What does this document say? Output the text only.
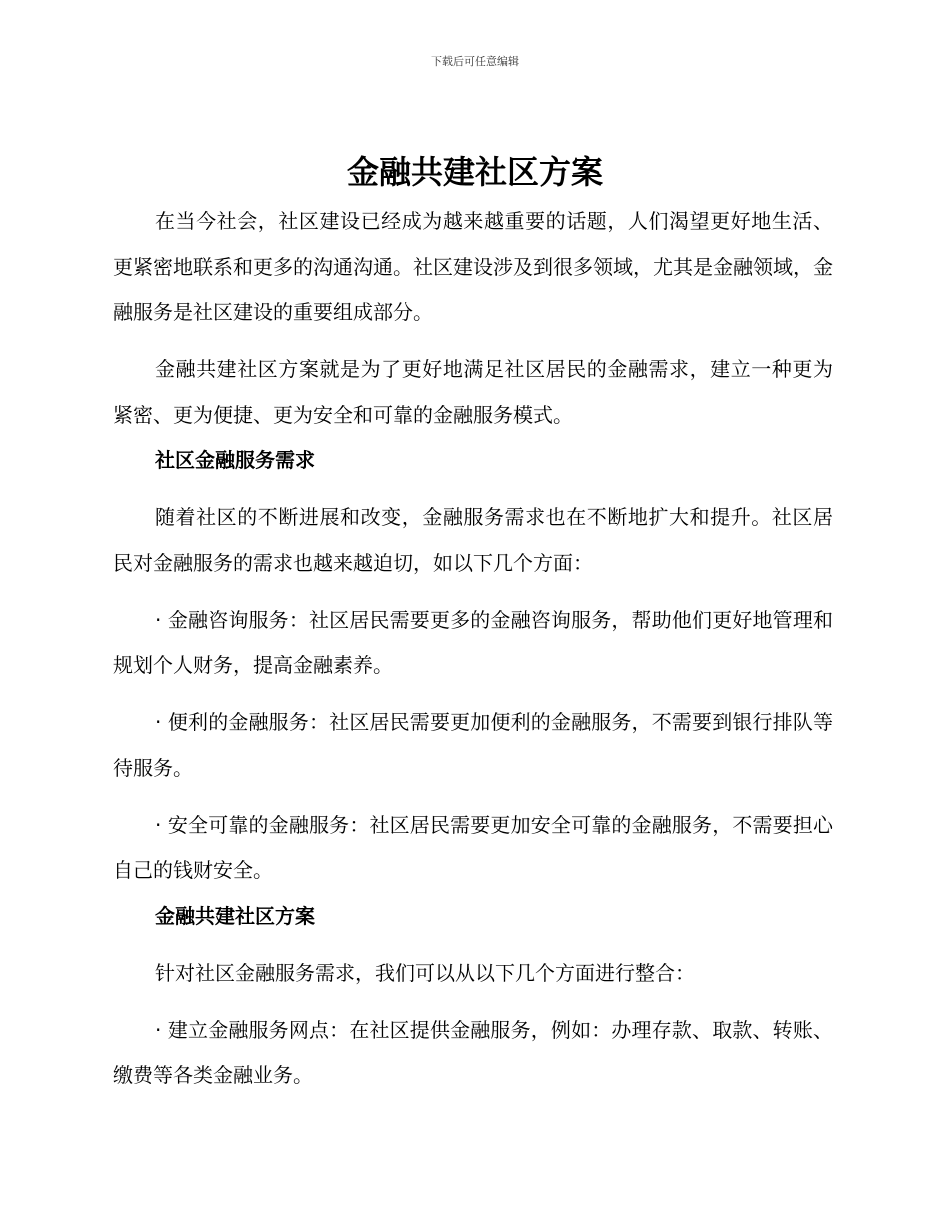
下载后可任意编辑
金融共建社区方案

在当今社会，社区建设已经成为越来越重要的话题，人们渴望更好地生活、更紧密地联系和更多的沟通沟通。社区建设涉及到很多领域，尤其是金融领域，金融服务是社区建设的重要组成部分。

金融共建社区方案就是为了更好地满足社区居民的金融需求，建立一种更为紧密、更为便捷、更为安全和可靠的金融服务模式。

社区金融服务需求

随着社区的不断进展和改变，金融服务需求也在不断地扩大和提升。社区居民对金融服务的需求也越来越迫切，如以下几个方面：

· 金融咨询服务：社区居民需要更多的金融咨询服务，帮助他们更好地管理和规划个人财务，提高金融素养。

· 便利的金融服务：社区居民需要更加便利的金融服务，不需要到银行排队等待服务。

· 安全可靠的金融服务：社区居民需要更加安全可靠的金融服务，不需要担心自己的钱财安全。

金融共建社区方案

针对社区金融服务需求，我们可以从以下几个方面进行整合：

· 建立金融服务网点：在社区提供金融服务，例如：办理存款、取款、转账、缴费等各类金融业务。
